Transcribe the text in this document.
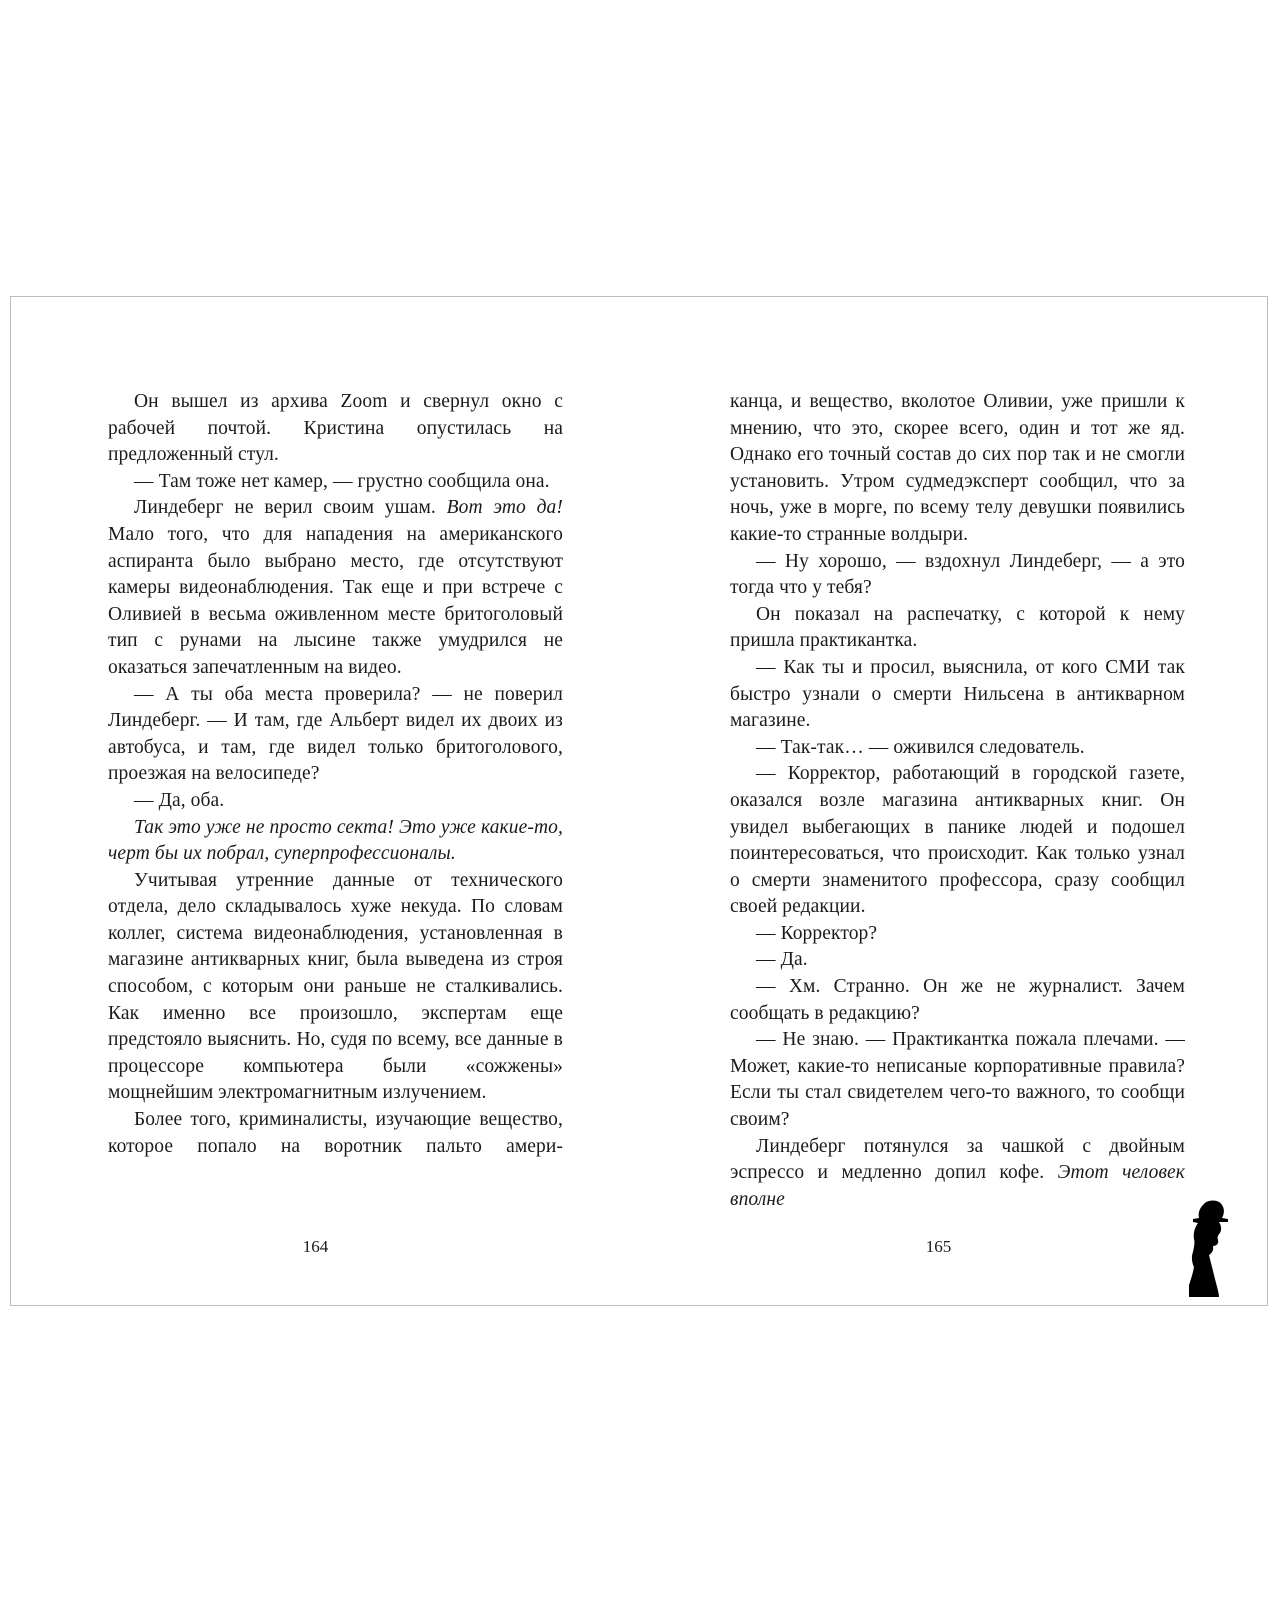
Он вышел из архива Zoom и свернул окно с рабочей почтой. Кристина опустилась на предложенный стул.

— Там тоже нет камер, — грустно сообщила она.

Линдеберг не верил своим ушам. Вот это да! Мало того, что для нападения на американского аспиранта было выбрано место, где отсутствуют камеры видеонаблюдения. Так еще и при встрече с Оливией в весьма оживленном месте бритоголовый тип с рунами на лысине также умудрился не оказаться запечатленным на видео.

— А ты оба места проверила? — не поверил Линдеберг. — И там, где Альберт видел их двоих из автобуса, и там, где видел только бритоголового, проезжая на велосипеде?

— Да, оба.

Так это уже не просто секта! Это уже какие-то, черт бы их побрал, суперпрофессионалы.

Учитывая утренние данные от технического отдела, дело складывалось хуже некуда. По словам коллег, система видеонаблюдения, установленная в магазине антикварных книг, была выведена из строя способом, с которым они раньше не сталкивались. Как именно все произошло, экспертам еще предстояло выяснить. Но, судя по всему, все данные в процессоре компьютера были «сожжены» мощнейшим электромагнитным излучением.

Более того, криминалисты, изучающие вещество, которое попало на воротник пальто амери-

164

канца, и вещество, вколотое Оливии, уже пришли к мнению, что это, скорее всего, один и тот же яд. Однако его точный состав до сих пор так и не смогли установить. Утром судмедэксперт сообщил, что за ночь, уже в морге, по всему телу девушки появились какие-то странные волдыри.

— Ну хорошо, — вздохнул Линдеберг, — а это тогда что у тебя?

Он показал на распечатку, с которой к нему пришла практикантка.

— Как ты и просил, выяснила, от кого СМИ так быстро узнали о смерти Нильсена в антикварном магазине.

— Так-так… — оживился следователь.

— Корректор, работающий в городской газете, оказался возле магазина антикварных книг. Он увидел выбегающих в панике людей и подошел поинтересоваться, что происходит. Как только узнал о смерти знаменитого профессора, сразу сообщил своей редакции.

— Корректор?

— Да.

— Хм. Странно. Он же не журналист. Зачем сообщать в редакцию?

— Не знаю. — Практикантка пожала плечами. — Может, какие-то неписаные корпоративные правила? Если ты стал свидетелем чего-то важного, то сообщи своим?

Линдеберг потянулся за чашкой с двойным эспрессо и медленно допил кофе. Этот человек вполне

165
